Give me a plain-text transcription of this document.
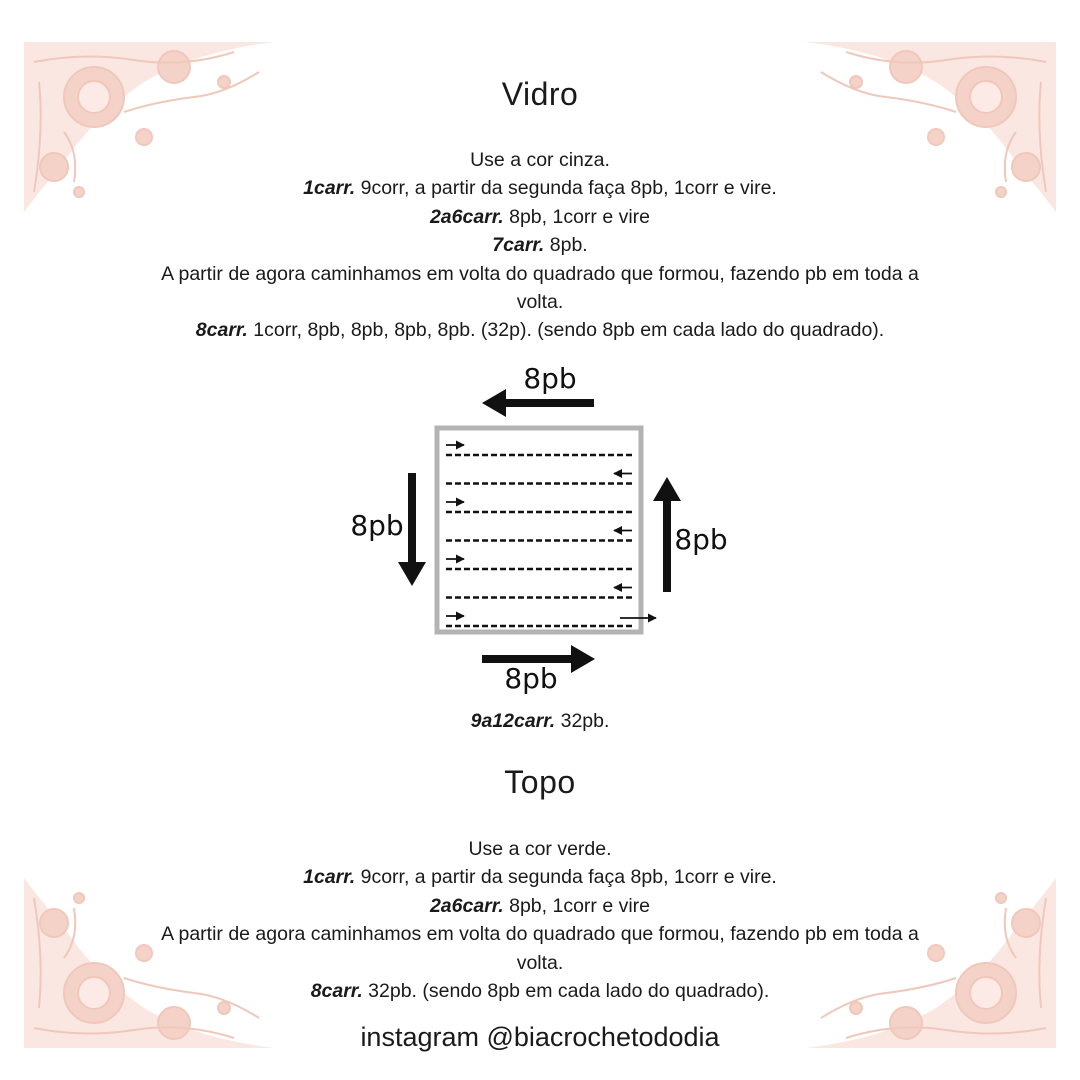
Vidro
Use a cor cinza.
1carr. 9corr, a partir da segunda faça 8pb, 1corr e vire.
2a6carr. 8pb, 1corr e vire
7carr. 8pb.
A partir de agora caminhamos em volta do quadrado que formou, fazendo pb em toda a
volta.
8carr. 1corr, 8pb, 8pb, 8pb, 8pb. (32p). (sendo 8pb em cada lado do quadrado).
8pb
8pb	8pb
8pb
9a12carr. 32pb.
Topo
Use a cor verde.
1carr. 9corr, a partir da segunda faça 8pb, 1corr e vire.
2a6carr. 8pb, 1corr e vire
A partir de agora caminhamos em volta do quadrado que formou, fazendo pb em toda a
volta.
8carr. 32pb. (sendo 8pb em cada lado do quadrado).
instagram @biacrochetododia
